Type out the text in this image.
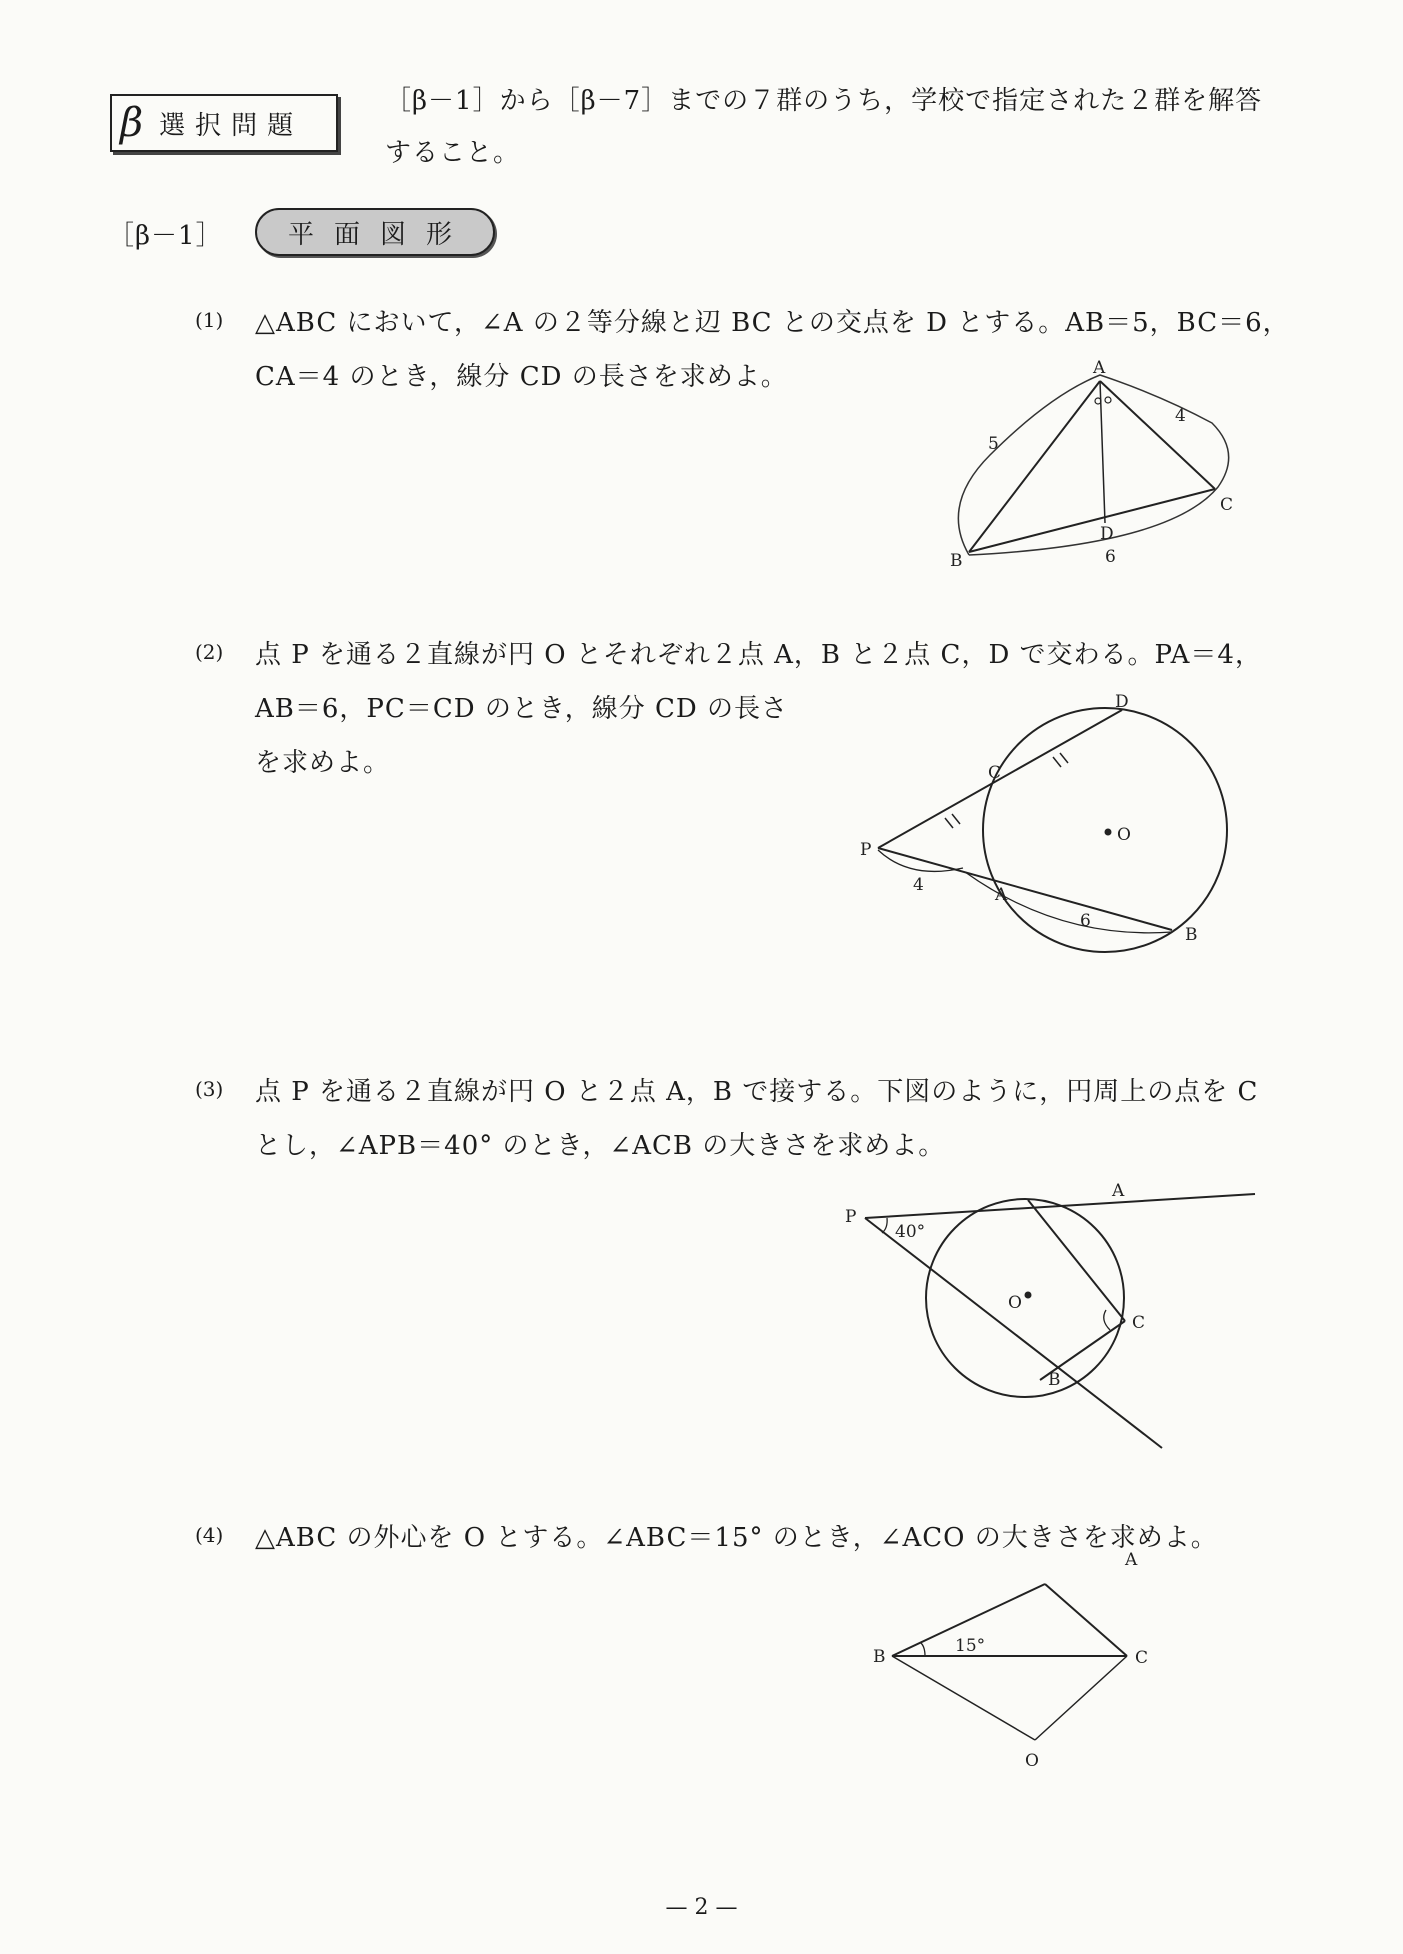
β 選択問題
［β－1］から［β－7］までの７群のうち，学校で指定された２群を解答
すること。
［β－1］	平面図形
(1) △ABC において，∠A の２等分線と辺 BC との交点を D とする。AB＝5，BC＝6，
CA＝4 のとき，線分 CD の長さを求めよ。	A
B
C
D
5
4
6
(2) 点 P を通る２直線が円 O とそれぞれ２点 A，B と２点 C，D で交わる。PA＝4，
AB＝6，PC＝CD のとき，線分 CD の長さ
を求めよ。
P
A
B
C
D
O
4
6
(3) 点 P を通る２直線が円 O と２点 A，B で接する。下図のように，円周上の点を C
とし，∠APB＝40° のとき，∠ACB の大きさを求めよ。
P
A
B
C
O
40°
(4) △ABC の外心を O とする。∠ABC＝15° のとき，∠ACO の大きさを求めよ。
B
A
C
O
15°
— 2 —
